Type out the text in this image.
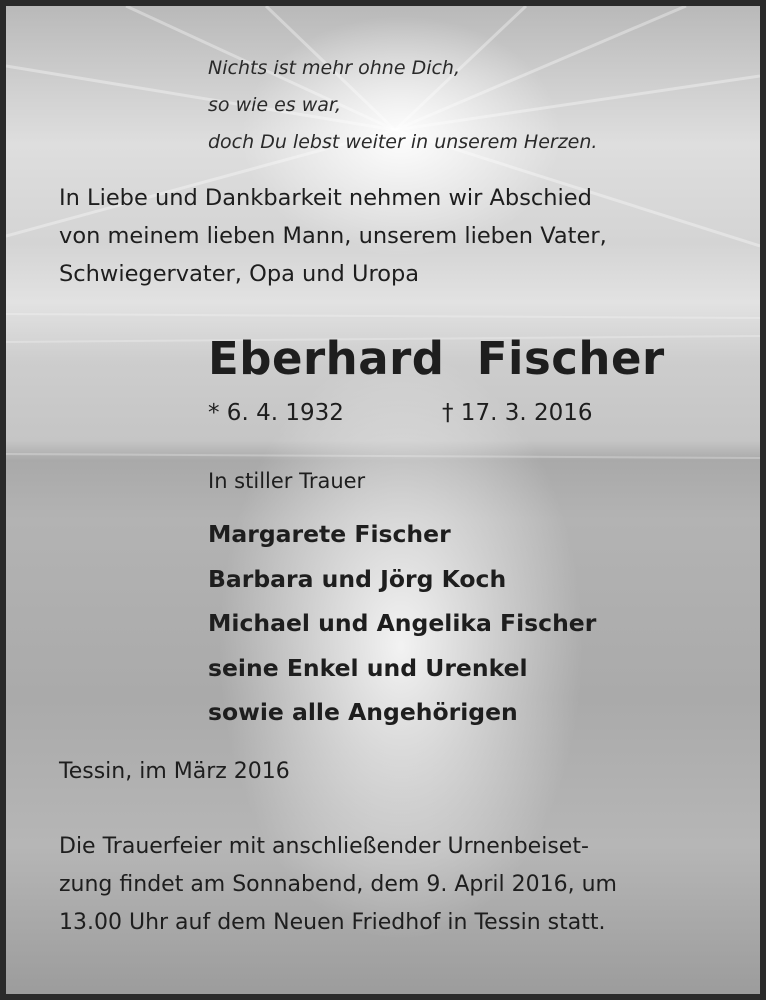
Nichts ist mehr ohne Dich,
so wie es war,
doch Du lebst weiter in unserem Herzen.
In Liebe und Dankbarkeit nehmen wir Abschied
von meinem lieben Mann, unserem lieben Vater,
Schwiegervater, Opa und Uropa
Eberhard  Fischer
* 6. 4. 1932	† 17. 3. 2016
In stiller Trauer
Margarete Fischer
Barbara und Jörg Koch
Michael und Angelika Fischer
seine Enkel und Urenkel
sowie alle Angehörigen
Tessin, im März 2016
Die Trauerfeier mit anschließender Urnenbeiset-
zung findet am Sonnabend, dem 9. April 2016, um
13.00 Uhr auf dem Neuen Friedhof in Tessin statt.
